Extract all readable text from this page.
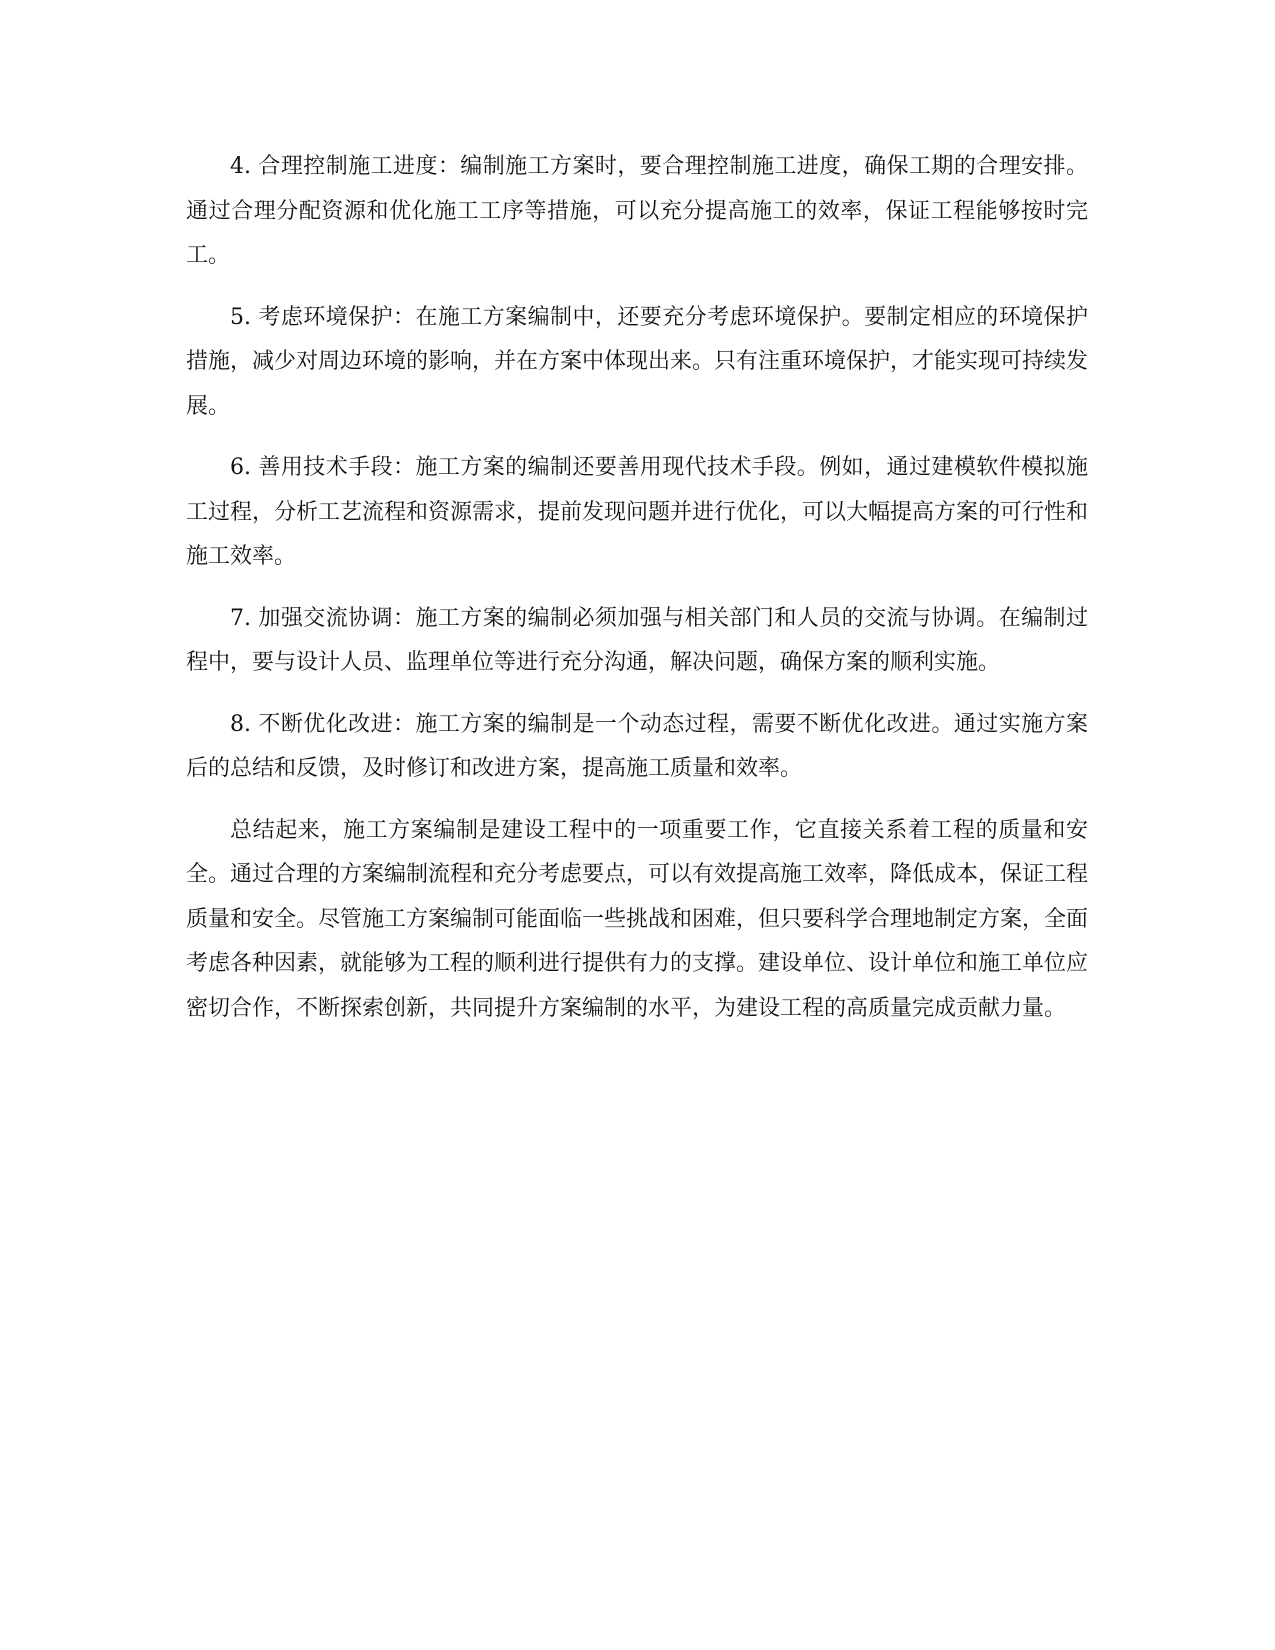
4. 合理控制施工进度：编制施工方案时，要合理控制施工进度，确保工期的合理安排。通过合理分配资源和优化施工工序等措施，可以充分提高施工的效率，保证工程能够按时完工。

5. 考虑环境保护：在施工方案编制中，还要充分考虑环境保护。要制定相应的环境保护措施，减少对周边环境的影响，并在方案中体现出来。只有注重环境保护，才能实现可持续发展。

6. 善用技术手段：施工方案的编制还要善用现代技术手段。例如，通过建模软件模拟施工过程，分析工艺流程和资源需求，提前发现问题并进行优化，可以大幅提高方案的可行性和施工效率。

7. 加强交流协调：施工方案的编制必须加强与相关部门和人员的交流与协调。在编制过程中，要与设计人员、监理单位等进行充分沟通，解决问题，确保方案的顺利实施。

8. 不断优化改进：施工方案的编制是一个动态过程，需要不断优化改进。通过实施方案后的总结和反馈，及时修订和改进方案，提高施工质量和效率。

总结起来，施工方案编制是建设工程中的一项重要工作，它直接关系着工程的质量和安全。通过合理的方案编制流程和充分考虑要点，可以有效提高施工效率，降低成本，保证工程质量和安全。尽管施工方案编制可能面临一些挑战和困难，但只要科学合理地制定方案，全面考虑各种因素，就能够为工程的顺利进行提供有力的支撑。建设单位、设计单位和施工单位应密切合作，不断探索创新，共同提升方案编制的水平，为建设工程的高质量完成贡献力量。
